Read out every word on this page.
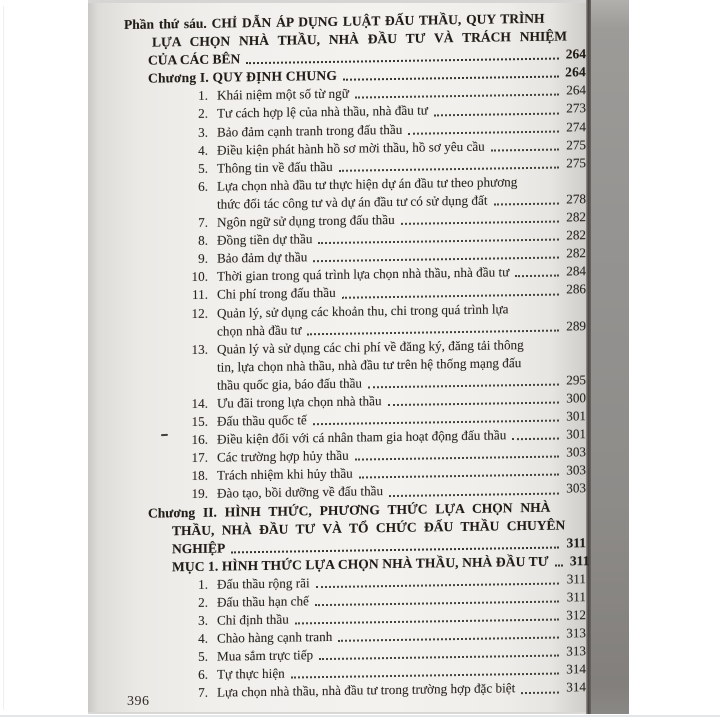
Phần thứ sáu. CHỈ DẪN ÁP DỤNG LUẬT ĐẤU THẦU, QUY TRÌNH
LỰA CHỌN NHÀ THẦU, NHÀ ĐẦU TƯ VÀ TRÁCH NHIỆM
CỦA CÁC BÊN	264
Chương I. QUY ĐỊNH CHUNG	264
1. Khái niệm một số từ ngữ	264
2. Tư cách hợp lệ của nhà thầu, nhà đầu tư	273
3. Bảo đảm cạnh tranh trong đấu thầu	274
4. Điều kiện phát hành hồ sơ mời thầu, hồ sơ yêu cầu	275
5. Thông tin về đấu thầu	275
6. Lựa chọn nhà đầu tư thực hiện dự án đầu tư theo phương
thức đối tác công tư và dự án đầu tư có sử dụng đất	278
7. Ngôn ngữ sử dụng trong đấu thầu	282
8. Đồng tiền dự thầu	282
9. Bảo đảm dự thầu	282
10. Thời gian trong quá trình lựa chọn nhà thầu, nhà đầu tư	284
11. Chi phí trong đấu thầu	286
12. Quản lý, sử dụng các khoản thu, chi trong quá trình lựa
chọn nhà đầu tư	289
13. Quản lý và sử dụng các chi phí về đăng ký, đăng tải thông
tin, lựa chọn nhà thầu, nhà đầu tư trên hệ thống mạng đấu
thầu quốc gia, báo đấu thầu	295
14. Ưu đãi trong lựa chọn nhà thầu	300
15. Đấu thầu quốc tế	301
16. Điều kiện đối với cá nhân tham gia hoạt động đấu thầu	301
17. Các trường hợp hủy thầu	303
18. Trách nhiệm khi hủy thầu	303
19. Đào tạo, bồi dưỡng về đấu thầu	303
Chương II. HÌNH THỨC, PHƯƠNG THỨC LỰA CHỌN NHÀ
THẦU, NHÀ ĐẦU TƯ VÀ TỔ CHỨC ĐẤU THẦU CHUYÊN
NGHIỆP	311
MỤC 1. HÌNH THỨC LỰA CHỌN NHÀ THẦU, NHÀ ĐẦU TƯ	311
1. Đấu thầu rộng rãi	311
2. Đấu thầu hạn chế	311
3. Chỉ định thầu	312
4. Chào hàng cạnh tranh	313
5. Mua sắm trực tiếp	313
6. Tự thực hiện	314
7. Lựa chọn nhà thầu, nhà đầu tư trong trường hợp đặc biệt	314
396
